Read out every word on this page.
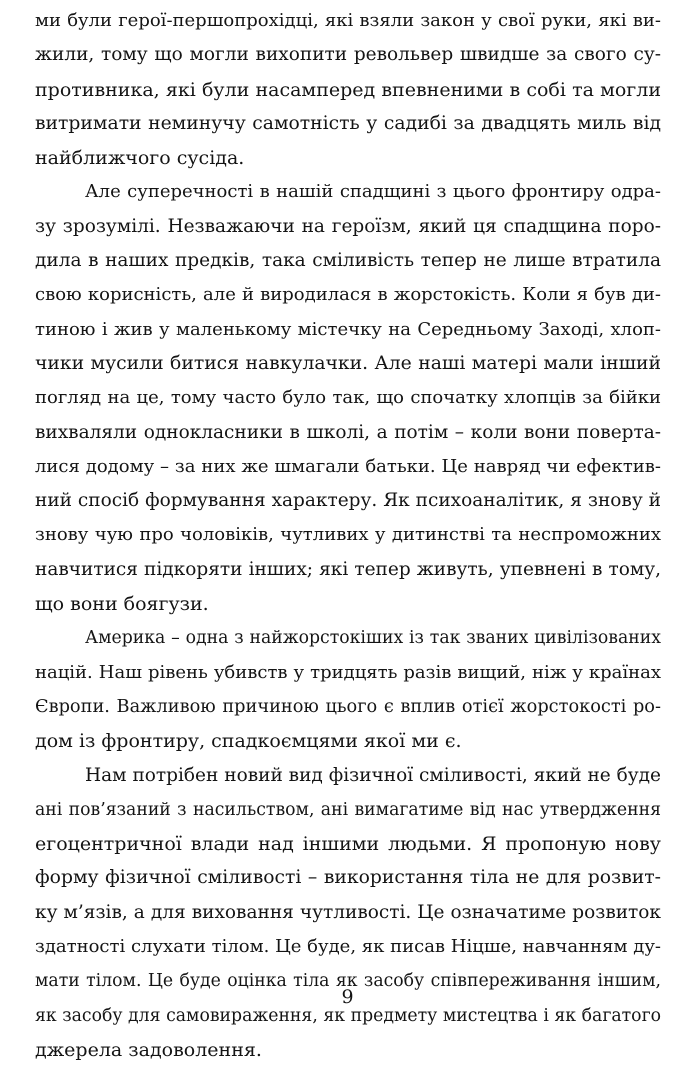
ми були герої-першопрохідці, які взяли закон у свої руки, які ви-
жили, тому що могли вихопити револьвер швидше за свого су-
противника, які були насамперед впевненими в собі та могли
витримати неминучу самотність у садибі за двадцять миль від
найближчого сусіда.
Але суперечності в нашій спадщині з цього фронтиру одра-
зу зрозумілі. Незважаючи на героїзм, який ця спадщина поро-
дила в наших предків, така сміливість тепер не лише втратила
свою корисність, але й виродилася в жорстокість. Коли я був ди-
тиною і жив у маленькому містечку на Середньому Заході, хлоп-
чики мусили битися навкулачки. Але наші матері мали інший
погляд на це, тому часто було так, що спочатку хлопців за бійки
вихваляли однокласники в школі, а потім – коли вони поверта-
лися додому – за них же шмагали батьки. Це навряд чи ефектив-
ний спосіб формування характеру. Як психоаналітик, я знову й
знову чую про чоловіків, чутливих у дитинстві та неспроможних
навчитися підкоряти інших; які тепер живуть, упевнені в тому,
що вони боягузи.
Америка – одна з найжорстокіших із так званих цивілізованих
націй. Наш рівень убивств у тридцять разів вищий, ніж у країнах
Європи. Важливою причиною цього є вплив отієї жорстокості ро-
дом із фронтиру, спадкоємцями якої ми є.
Нам потрібен новий вид фізичної сміливості, який не буде
ані пов’язаний з насильством, ані вимагатиме від нас утвердження
егоцентричної влади над іншими людьми. Я пропоную нову
форму фізичної сміливості – використання тіла не для розвит-
ку м’язів, а для виховання чутливості. Це означатиме розвиток
здатності слухати тілом. Це буде, як писав Ніцше, навчанням ду-
мати тілом. Це буде оцінка тіла як засобу співпереживання іншим,
як засобу для самовираження, як предмету мистецтва і як багатого
джерела задоволення.
9
